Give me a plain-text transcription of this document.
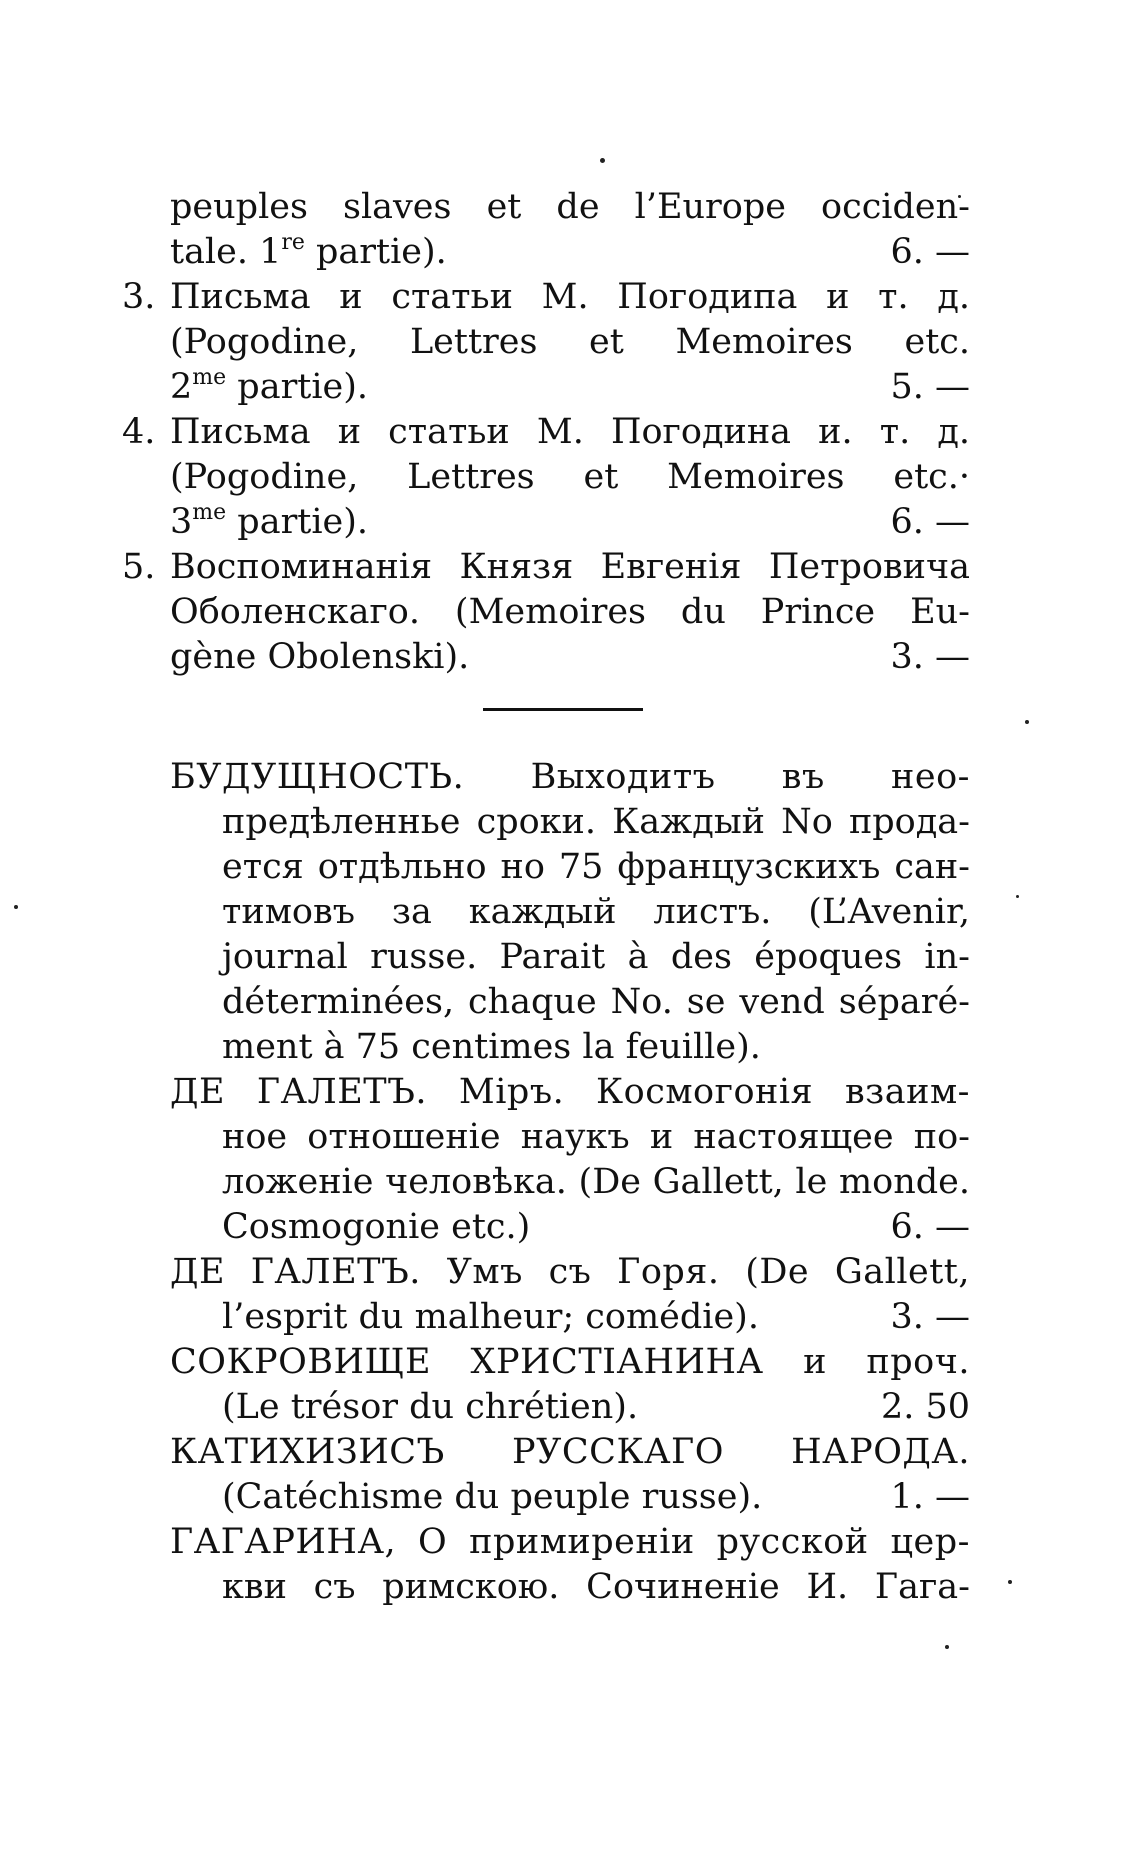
peuples slaves et de l’Europe occiden-
tale. 1re partie).	6. —
3. Письма и статьи М. Погодипа и т. д.
(Pogodine, Lettres et Memoires etc.
$2^{me}$ partie).	5. —
4. Письма и статьи М. Погодина и. т. д.
(Pogodine, Lettres et Memoires etc.·
$3^{me}$ partie).	6. —
5. Воспоминанія Князя Евгенія Петровича
Оболенскаго. (Memoires du Prince Eu-
gène Obolenski).	3. —
БУДУЩНОСТЬ. Выходитъ въ нео-
предѣленнье сроки. Каждый No прода-
ется отдѣльно но 75 французскихъ сан-
тимовъ за каждый листъ. (L’Avenir,
journal russe. Parait à des époques in-
déterminées, chaque No. se vend séparé-
ment à 75 centimes la feuille).
ДЕ ГАЛЕТЪ. Міръ. Космогонія взаим-
ное отношеніе наукъ и настоящее по-
ложеніе человѣка. (De Gallett, le monde.
Cosmogonie etc.)	6. —
ДЕ ГАЛЕТЪ. Умъ съ Горя. (De Gallett,
l’esprit du malheur; comédie).	3. —
СОКРОВИЩЕ ХРИСТІАНИНА и проч.
(Le trésor du chrétien).	2. 50
КАТИХИЗИСЪ РУССКАГО НАРОДА.
(Catéchisme du peuple russe).	1. —
ГАГАРИНА, О примиреніи русской цер-
кви съ римскою. Сочиненіе И. Гага-
